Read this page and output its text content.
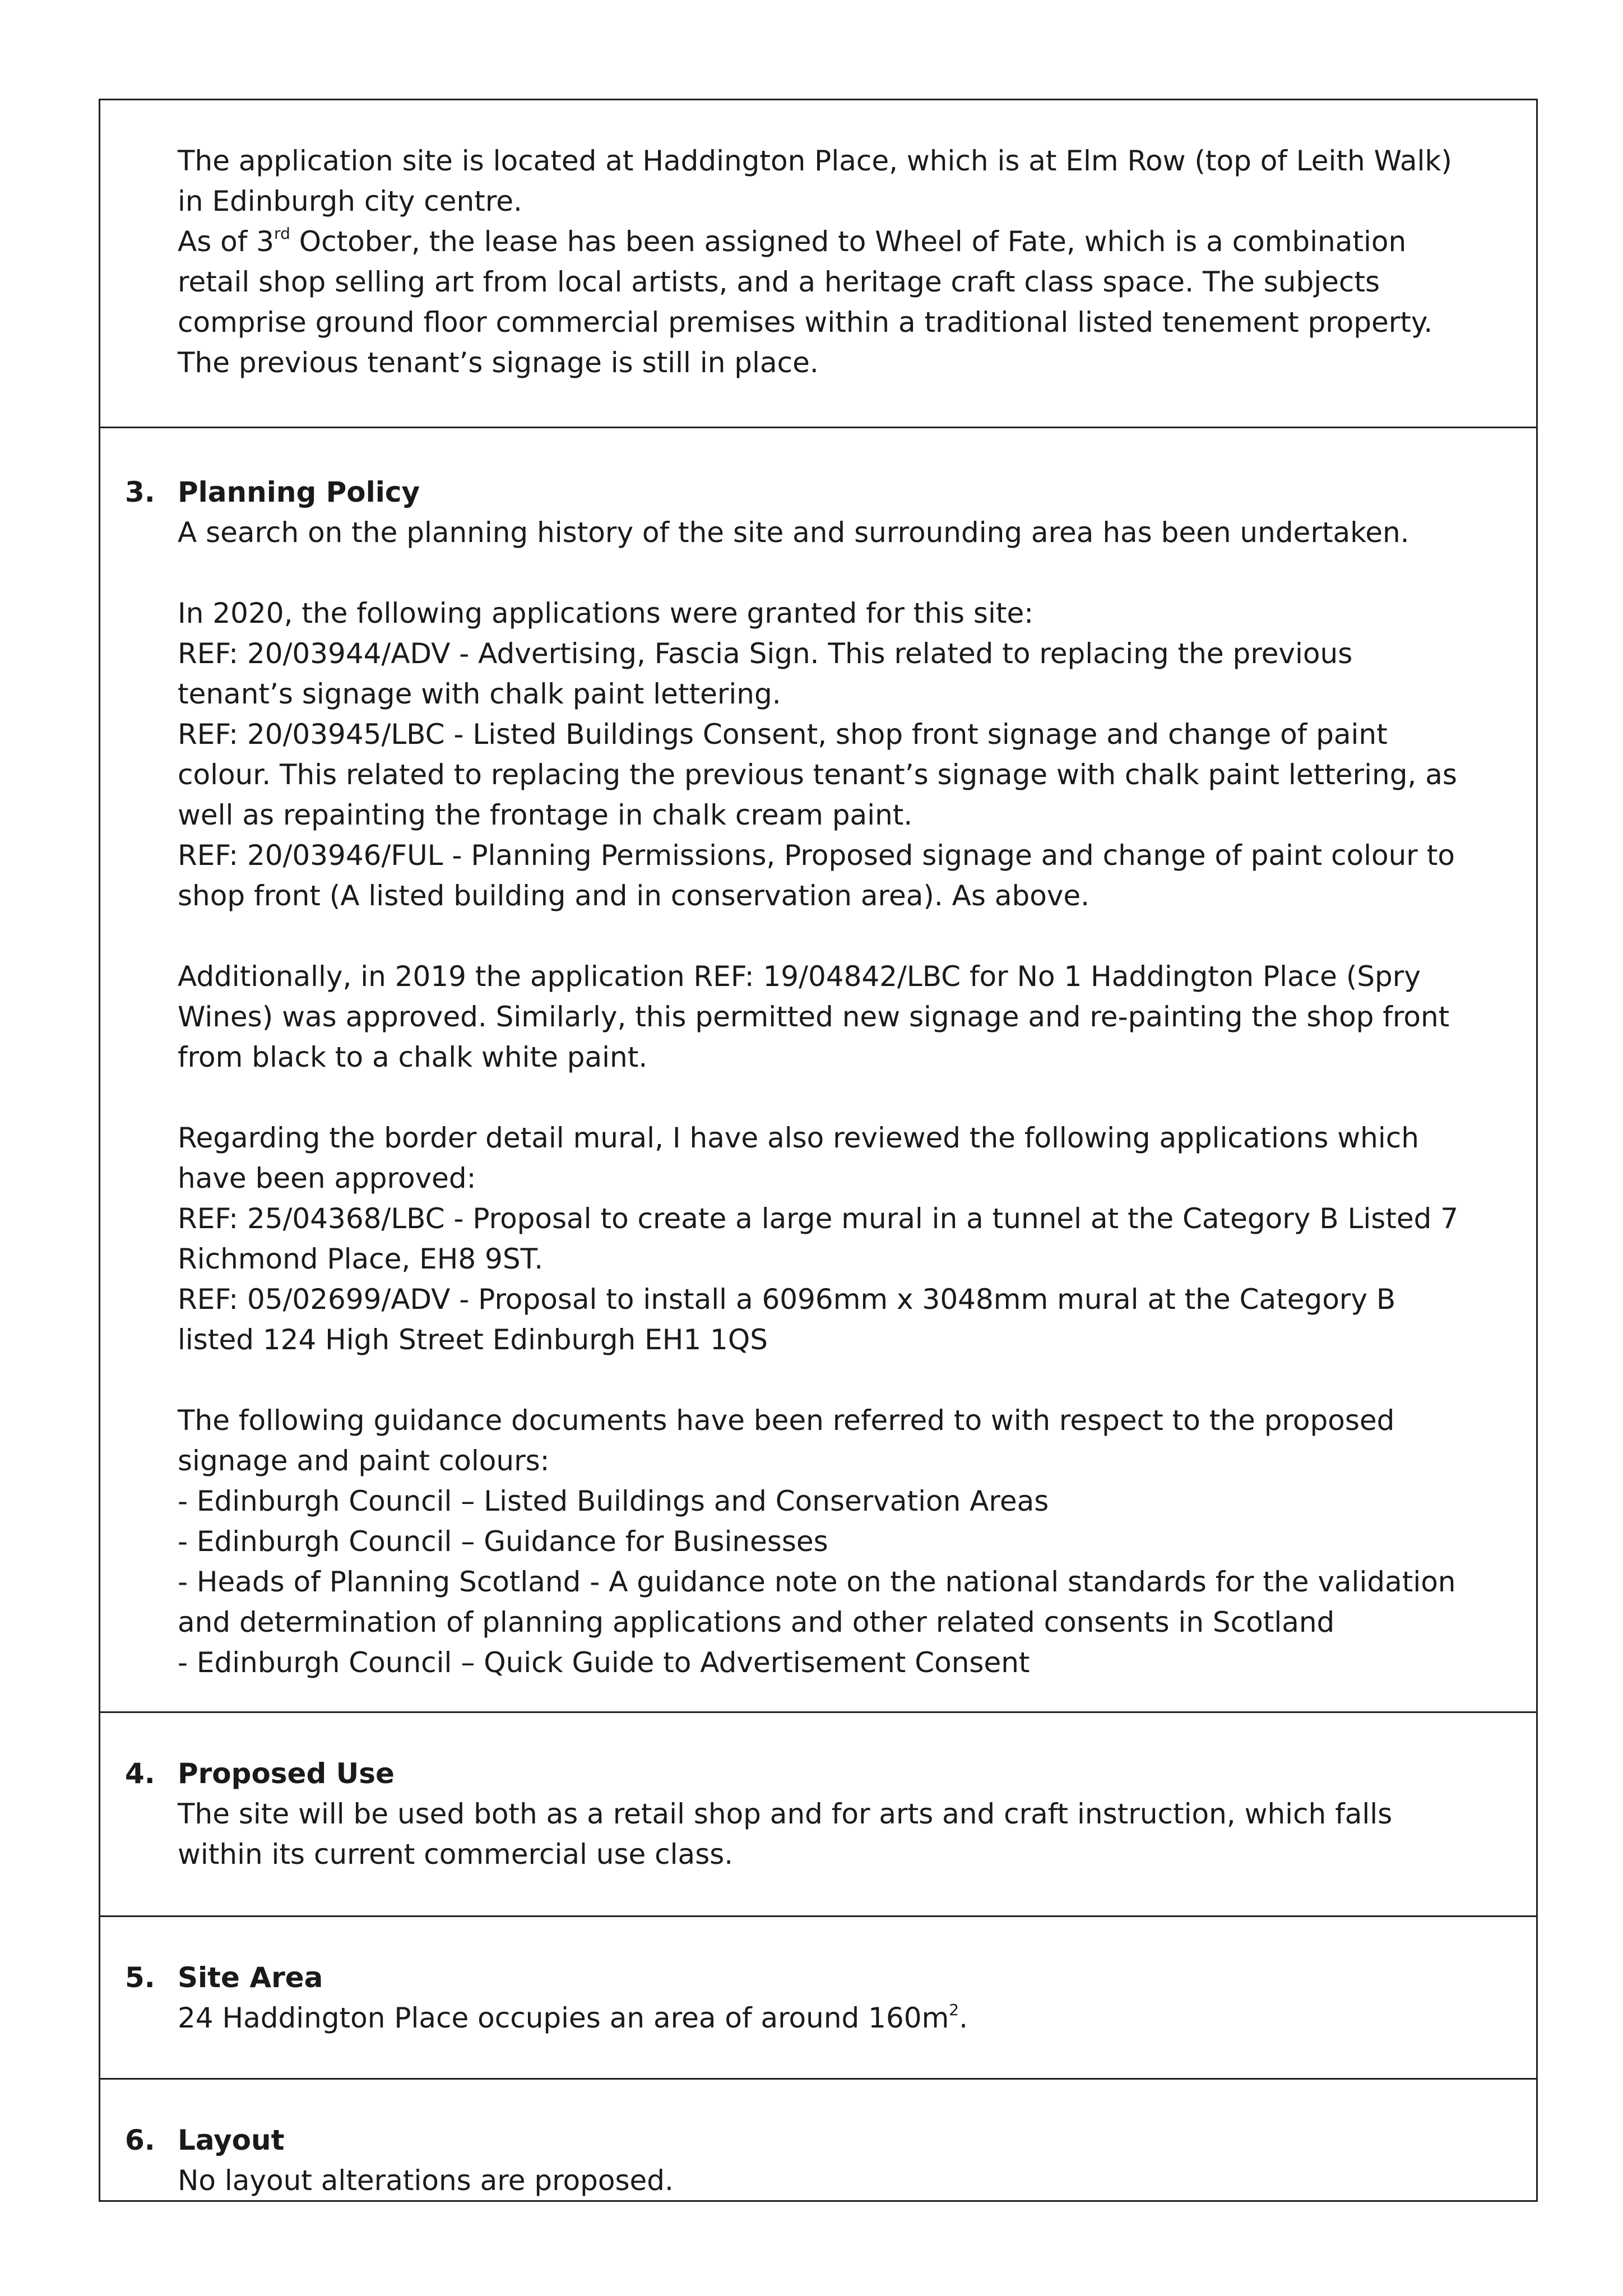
The application site is located at Haddington Place, which is at Elm Row (top of Leith Walk) in Edinburgh city centre.

As of 3rd October, the lease has been assigned to Wheel of Fate, which is a combination retail shop selling art from local artists, and a heritage craft class space. The subjects comprise ground floor commercial premises within a traditional listed tenement property. The previous tenant’s signage is still in place.

3. Planning Policy

A search on the planning history of the site and surrounding area has been undertaken.

In 2020, the following applications were granted for this site:

REF: 20/03944/ADV - Advertising, Fascia Sign. This related to replacing the previous tenant’s signage with chalk paint lettering.

REF: 20/03945/LBC - Listed Buildings Consent, shop front signage and change of paint colour. This related to replacing the previous tenant’s signage with chalk paint lettering, as well as repainting the frontage in chalk cream paint.

REF: 20/03946/FUL - Planning Permissions, Proposed signage and change of paint colour to shop front (A listed building and in conservation area). As above.

Additionally, in 2019 the application REF: 19/04842/LBC for No 1 Haddington Place (Spry Wines) was approved. Similarly, this permitted new signage and re-painting the shop front from black to a chalk white paint.

Regarding the border detail mural, I have also reviewed the following applications which have been approved:

REF: 25/04368/LBC - Proposal to create a large mural in a tunnel at the Category B Listed 7 Richmond Place, EH8 9ST.

REF: 05/02699/ADV - Proposal to install a 6096mm x 3048mm mural at the Category B listed 124 High Street Edinburgh EH1 1QS

The following guidance documents have been referred to with respect to the proposed signage and paint colours:

- Edinburgh Council – Listed Buildings and Conservation Areas

- Edinburgh Council – Guidance for Businesses

- Heads of Planning Scotland - A guidance note on the national standards for the validation and determination of planning applications and other related consents in Scotland

- Edinburgh Council – Quick Guide to Advertisement Consent

4. Proposed Use

The site will be used both as a retail shop and for arts and craft instruction, which falls within its current commercial use class.

5. Site Area

24 Haddington Place occupies an area of around $160m^2$.

6. Layout

No layout alterations are proposed.
